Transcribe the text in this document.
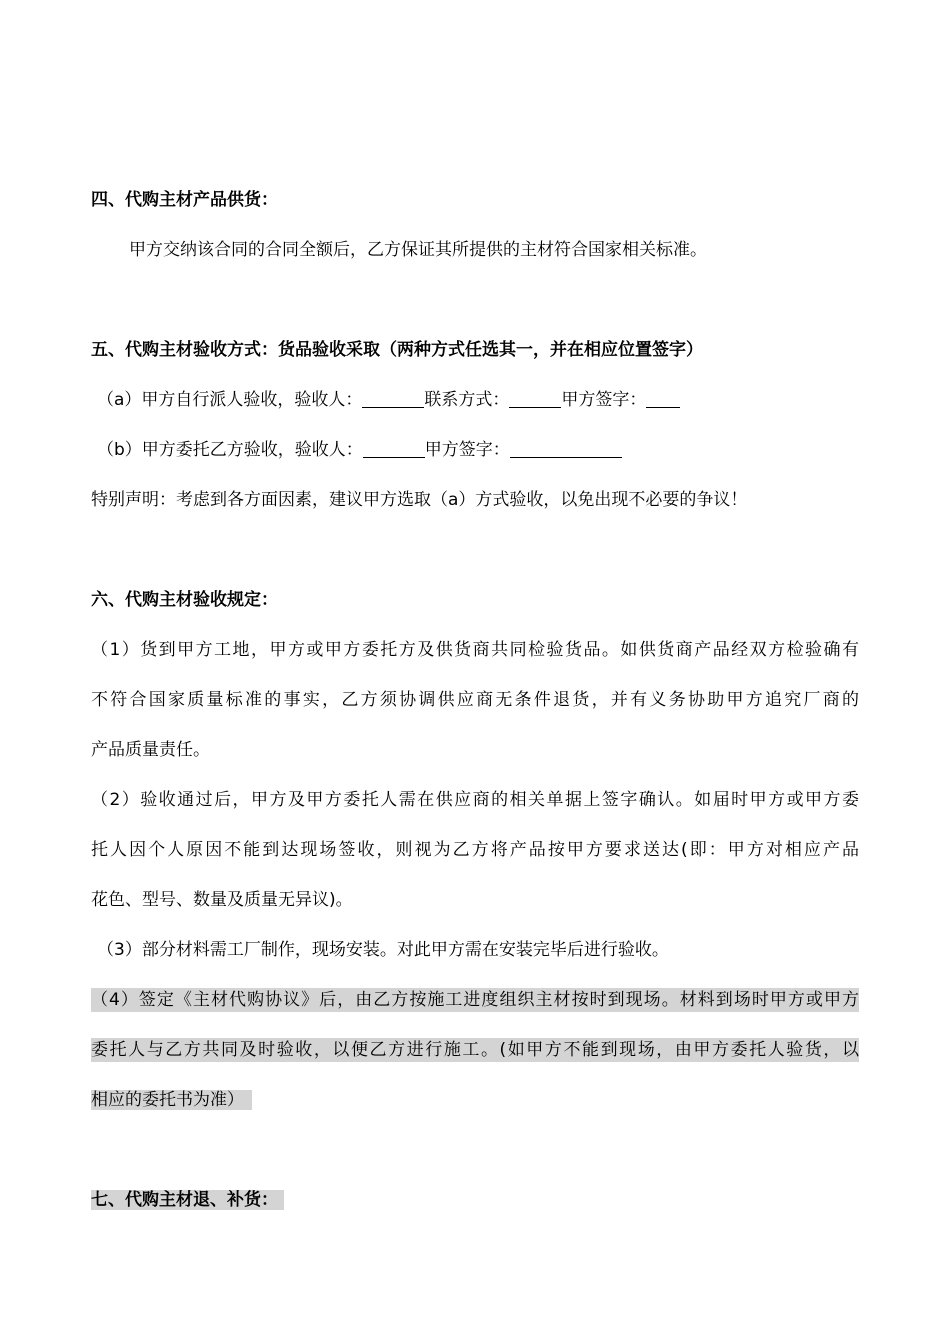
四、代购主材产品供货：
甲方交纳该合同的合同全额后，乙方保证其所提供的主材符合国家相关标准。
五、代购主材验收方式：货品验收采取（两种方式任选其一，并在相应位置签字）
（a）甲方自行派人验收，验收人：	联系方式：	甲方签字：
（b）甲方委托乙方验收，验收人：	甲方签字：
特别声明：考虑到各方面因素，建议甲方选取（a）方式验收，以免出现不必要的争议！
六、代购主材验收规定：
（1）货到甲方工地，甲方或甲方委托方及供货商共同检验货品。如供货商产品经双方检验确有
不符合国家质量标准的事实，乙方须协调供应商无条件退货，并有义务协助甲方追究厂商的
产品质量责任。
（2）验收通过后，甲方及甲方委托人需在供应商的相关单据上签字确认。如届时甲方或甲方委
托人因个人原因不能到达现场签收，则视为乙方将产品按甲方要求送达(即：甲方对相应产品
花色、型号、数量及质量无异议)。
（3）部分材料需工厂制作，现场安装。对此甲方需在安装完毕后进行验收。
（4）签定《主材代购协议》后，由乙方按施工进度组织主材按时到现场。材料到场时甲方或甲方
委托人与乙方共同及时验收，以便乙方进行施工。(如甲方不能到现场，由甲方委托人验货，以
相应的委托书为准）
七、代购主材退、补货：
